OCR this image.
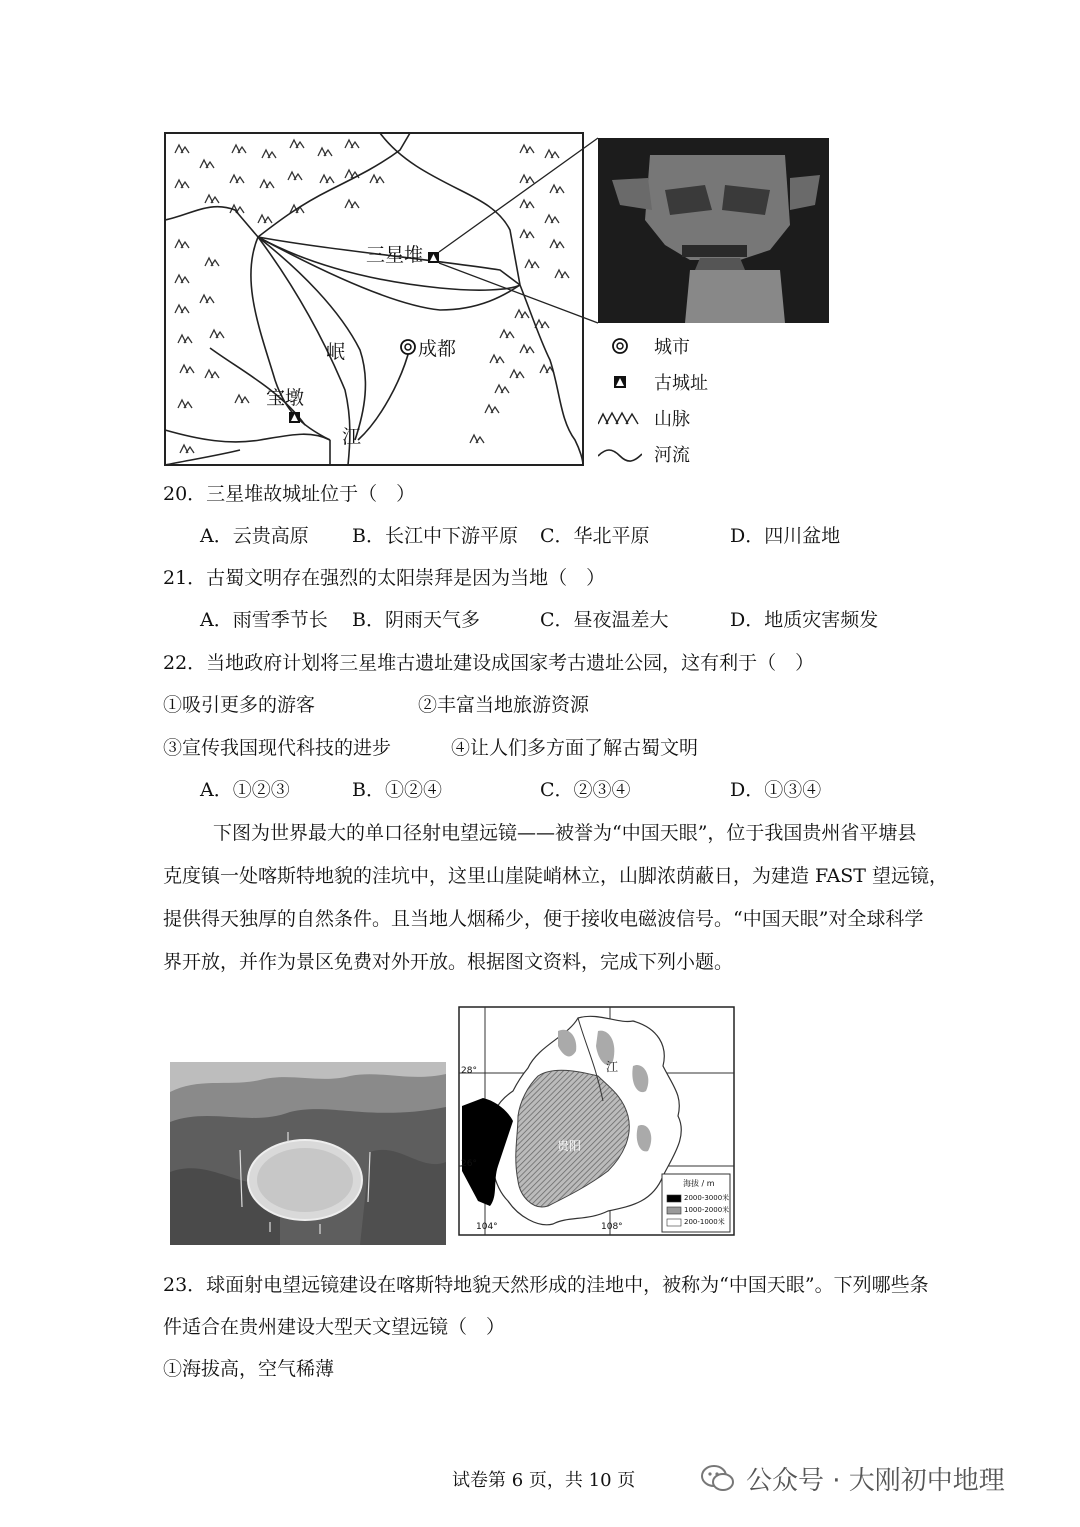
三星堆
成都
宝墩
岷
江
城市
古城址
山脉
河流
20．三星堆故城址位于（　）
A．云贵高原 B．长江中下游平原 C．华北平原	D．四川盆地
21．古蜀文明存在强烈的太阳崇拜是因为当地（　）
A．雨雪季节长 B．阴雨天气多	C．昼夜温差大	D．地质灾害频发
22．当地政府计划将三星堆古遗址建设成国家考古遗址公园，这有利于（　）
①吸引更多的游客	②丰富当地旅游资源
③宣传我国现代科技的进步	④让人们多方面了解古蜀文明
A．①②③	B．①②④	C．②③④	D．①③④
下图为世界最大的单口径射电望远镜——被誉为“中国天眼”，位于我国贵州省平塘县
克度镇一处喀斯特地貌的洼坑中，这里山崖陡峭林立，山脚浓荫蔽日，为建造 FAST 望远镜，
提供得天独厚的自然条件。且当地人烟稀少，便于接收电磁波信号。“中国天眼”对全球科学
界开放，并作为景区免费对外开放。根据图文资料，完成下列小题。
28°
26°
104°	108°
贵阳
江
海拔 / m
2000-3000米
1000-2000米
200-1000米
23．球面射电望远镜建设在喀斯特地貌天然形成的洼地中，被称为“中国天眼”。下列哪些条
件适合在贵州建设大型天文望远镜（　）
①海拔高，空气稀薄
试卷第 6 页，共 10 页	公众号 · 大刚初中地理
